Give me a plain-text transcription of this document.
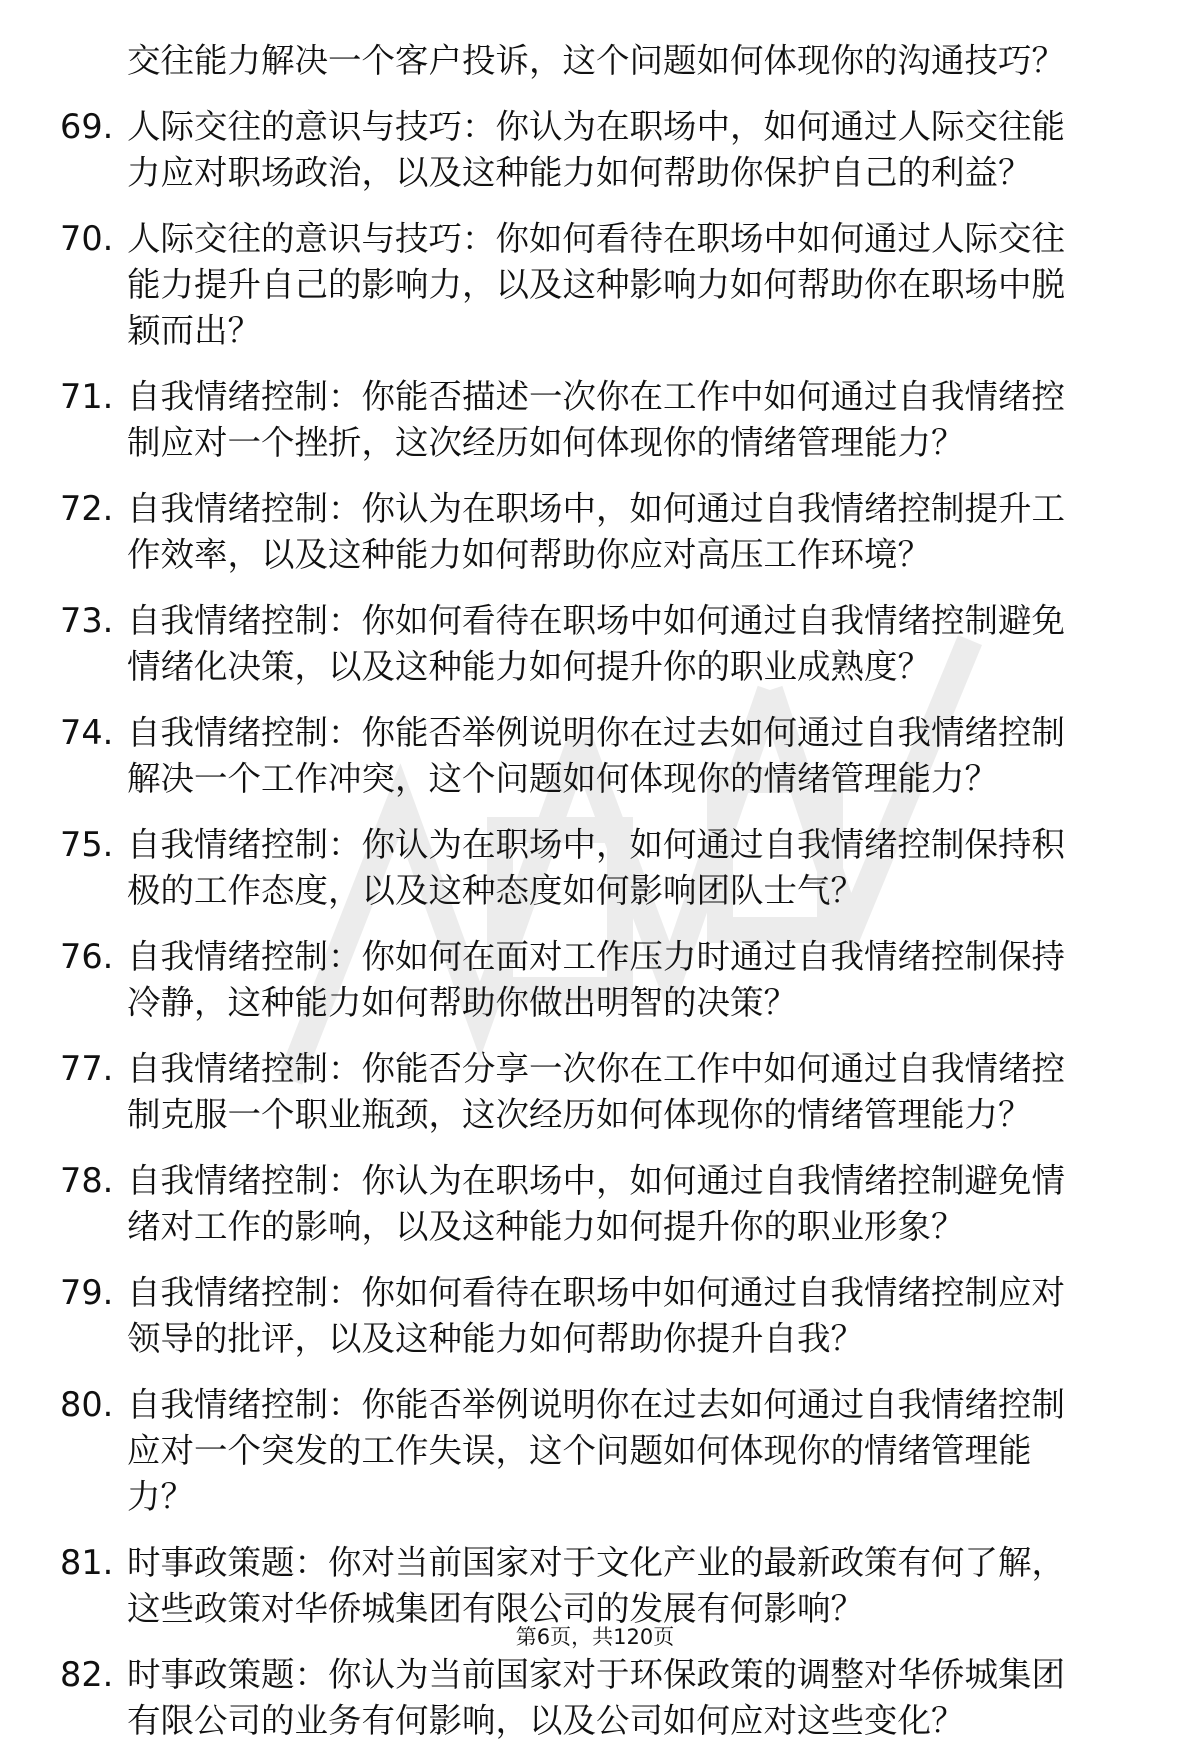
交往能力解决一个客户投诉，这个问题如何体现你的沟通技巧？
69. 人际交往的意识与技巧：你认为在职场中，如何通过人际交往能
力应对职场政治，以及这种能力如何帮助你保护自己的利益？
70. 人际交往的意识与技巧：你如何看待在职场中如何通过人际交往
能力提升自己的影响力，以及这种影响力如何帮助你在职场中脱
颖而出？
71. 自我情绪控制：你能否描述一次你在工作中如何通过自我情绪控
制应对一个挫折，这次经历如何体现你的情绪管理能力？
72. 自我情绪控制：你认为在职场中，如何通过自我情绪控制提升工
作效率，以及这种能力如何帮助你应对高压工作环境？
73. 自我情绪控制：你如何看待在职场中如何通过自我情绪控制避免
情绪化决策，以及这种能力如何提升你的职业成熟度？
74. 自我情绪控制：你能否举例说明你在过去如何通过自我情绪控制
解决一个工作冲突，这个问题如何体现你的情绪管理能力？
75. 自我情绪控制：你认为在职场中，如何通过自我情绪控制保持积
极的工作态度，以及这种态度如何影响团队士气？
76. 自我情绪控制：你如何在面对工作压力时通过自我情绪控制保持
冷静，这种能力如何帮助你做出明智的决策？
77. 自我情绪控制：你能否分享一次你在工作中如何通过自我情绪控
制克服一个职业瓶颈，这次经历如何体现你的情绪管理能力？
78. 自我情绪控制：你认为在职场中，如何通过自我情绪控制避免情
绪对工作的影响，以及这种能力如何提升你的职业形象？
79. 自我情绪控制：你如何看待在职场中如何通过自我情绪控制应对
领导的批评，以及这种能力如何帮助你提升自我？
80. 自我情绪控制：你能否举例说明你在过去如何通过自我情绪控制
应对一个突发的工作失误，这个问题如何体现你的情绪管理能
力？
81. 时事政策题：你对当前国家对于文化产业的最新政策有何了解，
这些政策对华侨城集团有限公司的发展有何影响？
82. 时事政策题：你认为当前国家对于环保政策的调整对华侨城集团
有限公司的业务有何影响，以及公司如何应对这些变化？
第6页，共120页
